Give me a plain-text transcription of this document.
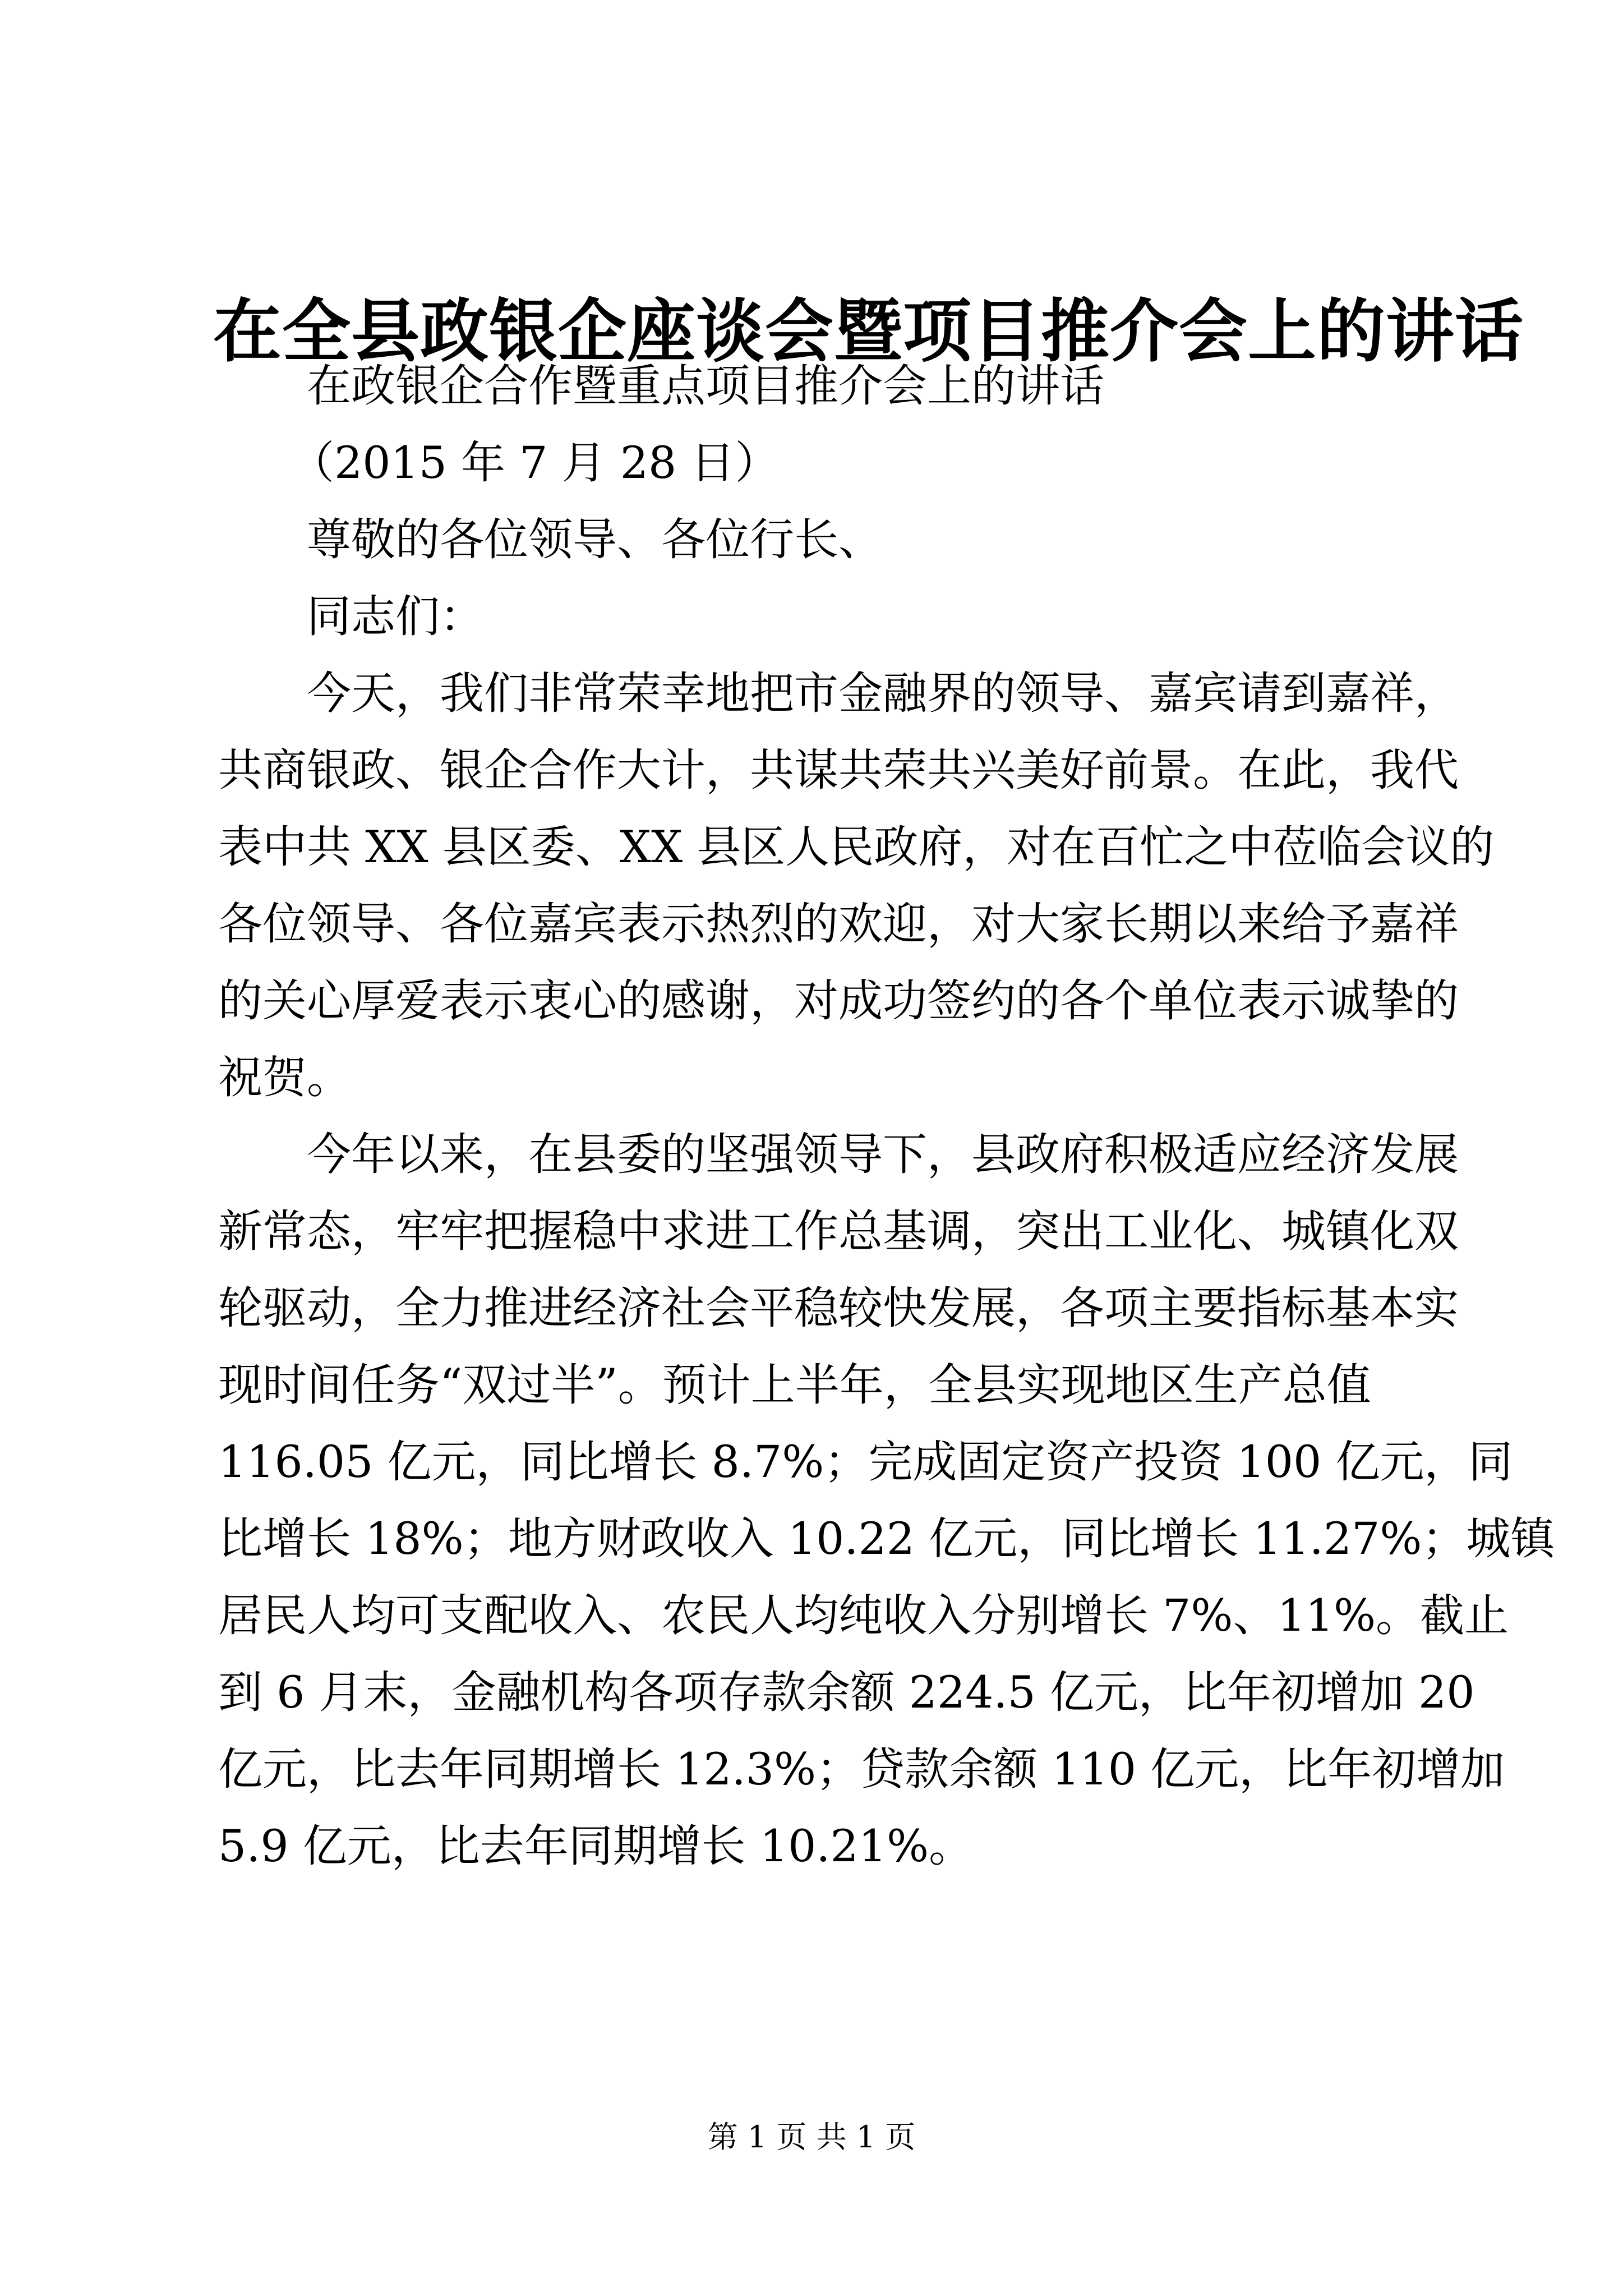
在全县政银企座谈会暨项目推介会上的讲话
在政银企合作暨重点项目推介会上的讲话
（2015 年 7 月 28 日）
尊敬的各位领导、各位行长、
同志们：
今天，我们非常荣幸地把市金融界的领导、嘉宾请到嘉祥，
共商银政、银企合作大计，共谋共荣共兴美好前景。在此，我代
表中共 XX 县区委、XX 县区人民政府，对在百忙之中莅临会议的
各位领导、各位嘉宾表示热烈的欢迎，对大家长期以来给予嘉祥
的关心厚爱表示衷心的感谢，对成功签约的各个单位表示诚挚的
祝贺。
今年以来，在县委的坚强领导下，县政府积极适应经济发展
新常态，牢牢把握稳中求进工作总基调，突出工业化、城镇化双
轮驱动，全力推进经济社会平稳较快发展，各项主要指标基本实
现时间任务“双过半”。预计上半年，全县实现地区生产总值
116.05 亿元，同比增长 8.7%；完成固定资产投资 100 亿元，同
比增长 18%；地方财政收入 10.22 亿元，同比增长 11.27%；城镇
居民人均可支配收入、农民人均纯收入分别增长 7%、11%。截止
到 6 月末，金融机构各项存款余额 224.5 亿元，比年初增加 20
亿元，比去年同期增长 12.3%；贷款余额 110 亿元，比年初增加
5.9 亿元，比去年同期增长 10.21%。
第 1 页 共 1 页
